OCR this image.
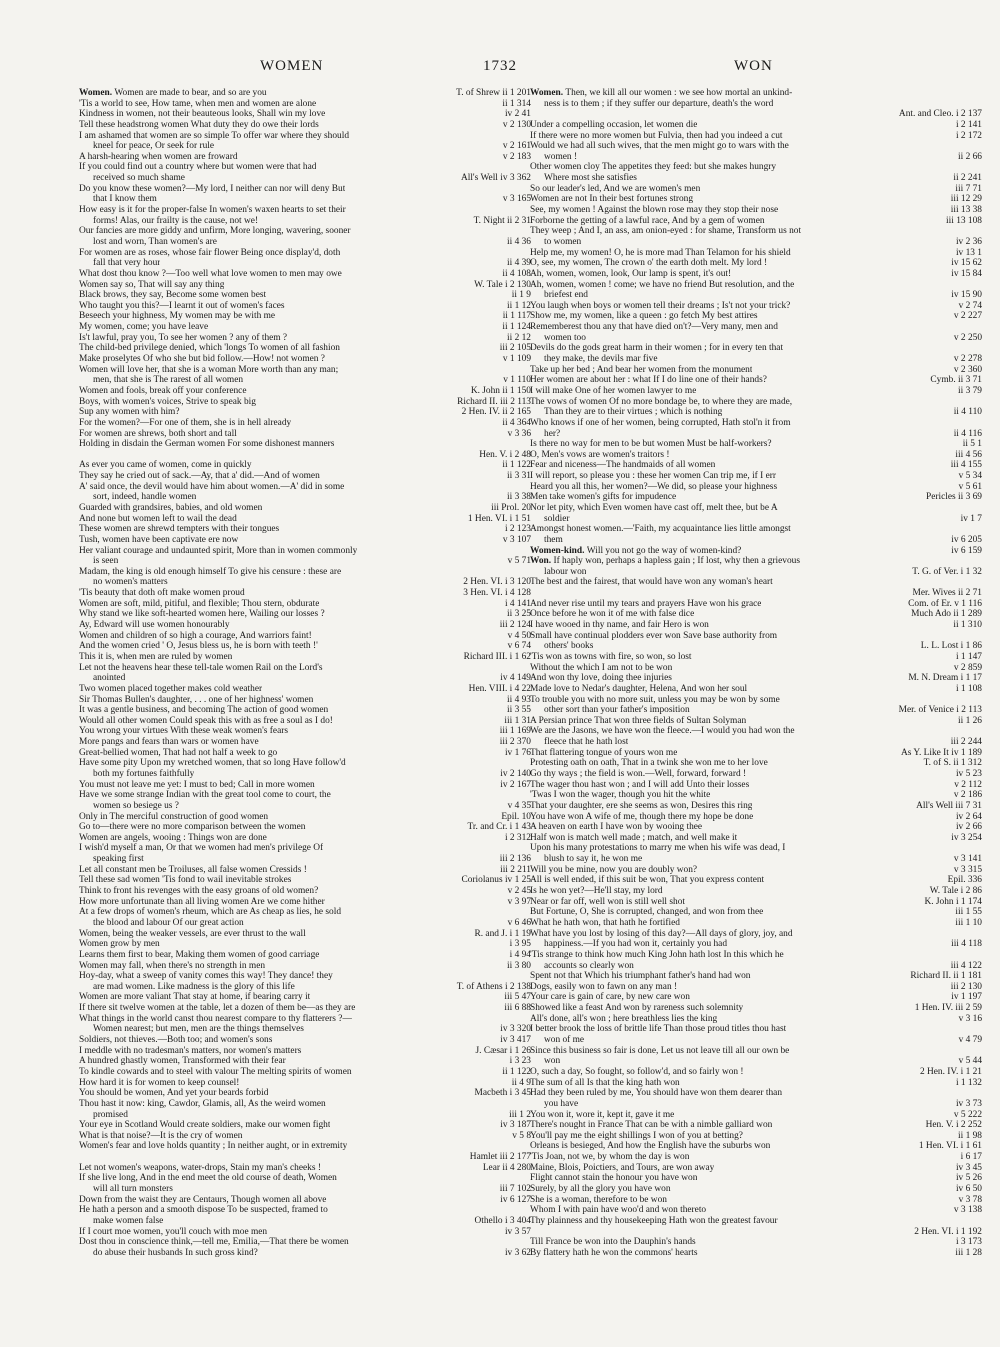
WOMEN	1732	WON
Women. Women are made to bear, and so are you	T. of Shrew ii 1 201
'Tis a world to see, How tame, when men and women are alone	ii 1 314
Kindness in women, not their beauteous looks, Shall win my love	iv 2 41
Tell these headstrong women What duty they do owe their lords	v 2 130
I am ashamed that women are so simple To offer war where they should
kneel for peace, Or seek for rule	v 2 161
A harsh-hearing when women are froward	v 2 183
If you could find out a country where but women were that had
received so much shame	All's Well iv 3 362
Do you know these women?—My lord, I neither can nor will deny But
that I know them	v 3 165
How easy is it for the proper-false In women's waxen hearts to set their
forms! Alas, our frailty is the cause, not we!	T. Night ii 2 31
Our fancies are more giddy and unfirm, More longing, wavering, sooner
lost and worn, Than women's are	ii 4 36
For women are as roses, whose fair flower Being once display'd, doth
fall that very hour	ii 4 39
What dost thou know ?—Too well what love women to men may owe	ii 4 108
Women say so, That will say any thing	W. Tale i 2 130
Black brows, they say, Become some women best	ii 1 9
Who taught you this?—I learnt it out of women's faces	ii 1 12
Beseech your highness, My women may be with me	ii 1 117
My women, come; you have leave	ii 1 124
Is't lawful, pray you, To see her women ? any of them ?	ii 2 12
The child-bed privilege denied, which 'longs To women of all fashion	iii 2 105
Make proselytes Of who she but bid follow.—How! not women ?	v 1 109
Women will love her, that she is a woman More worth than any man;
men, that she is The rarest of all women	v 1 110
Women and fools, break off your conference	K. John ii 1 150
Boys, with women's voices, Strive to speak big	Richard II. iii 2 113
Sup any women with him?	2 Hen. IV. ii 2 165
For the women?—For one of them, she is in hell already	ii 4 364
For women are shrews, both short and tall	v 3 36
Holding in disdain the German women For some dishonest manners
Hen. V. i 2 48
As ever you came of women, come in quickly	ii 1 122
They say he cried out of sack.—Ay, that a' did.—And of women	ii 3 31
A' said once, the devil would have him about women.—A' did in some
sort, indeed, handle women	ii 3 38
Guarded with grandsires, babies, and old women	iii Prol. 20
And none but women left to wail the dead	1 Hen. VI. i 1 51
These women are shrewd tempters with their tongues	i 2 123
Tush, women have been captivate ere now	v 3 107
Her valiant courage and undaunted spirit, More than in women commonly
is seen	v 5 71
Madam, the king is old enough himself To give his censure : these are
no women's matters	2 Hen. VI. i 3 120
'Tis beauty that doth oft make women proud	3 Hen. VI. i 4 128
Women are soft, mild, pitiful, and flexible; Thou stern, obdurate	i 4 141
Why stand we like soft-hearted women here, Wailing our losses ?	ii 3 25
Ay, Edward will use women honourably	iii 2 124
Women and children of so high a courage, And warriors faint!	v 4 50
And the women cried ' O, Jesus bless us, he is born with teeth !'	v 6 74
This it is, when men are ruled by women	Richard III. i 1 62
Let not the heavens hear these tell-tale women Rail on the Lord's
anointed	iv 4 149
Two women placed together makes cold weather	Hen. VIII. i 4 22
Sir Thomas Bullen's daughter, . . . one of her highness' women	ii 4 93
It was a gentle business, and becoming The action of good women	ii 3 55
Would all other women Could speak this with as free a soul as I do!	iii 1 31
You wrong your virtues With these weak women's fears	iii 1 169
More pangs and fears than wars or women have	iii 2 370
Great-bellied women, That had not half a week to go	iv 1 76
Have some pity Upon my wretched women, that so long Have follow'd
both my fortunes faithfully	iv 2 140
You must not leave me yet: I must to bed; Call in more women	iv 2 167
Have we some strange Indian with the great tool come to court, the
women so besiege us ?	v 4 35
Only in The merciful construction of good women	Epil. 10
Go to—there were no more comparison between the women	Tr. and Cr. i 1 43
Women are angels, wooing : Things won are done	i 2 312
I wish'd myself a man, Or that we women had men's privilege Of
speaking first	iii 2 136
Let all constant men be Troiluses, all false women Cressids !	iii 2 211
Tell these sad women 'Tis fond to wail inevitable strokes	Coriolanus iv 1 25
Think to front his revenges with the easy groans of old women?	v 2 45
How more unfortunate than all living women Are we come hither	v 3 97
At a few drops of women's rheum, which are As cheap as lies, he sold
the blood and labour Of our great action	v 6 46
Women, being the weaker vessels, are ever thrust to the wall	R. and J. i 1 19
Women grow by men	i 3 95
Learns them first to bear, Making them women of good carriage	i 4 94
Women may fall, when there's no strength in men	ii 3 80
Hoy-day, what a sweep of vanity comes this way! They dance! they
are mad women. Like madness is the glory of this life	T. of Athens i 2 138
Women are more valiant That stay at home, if bearing carry it	iii 5 47
If there sit twelve women at the table, let a dozen of them be—as they are	iii 6 88
What things in the world canst thou nearest compare to thy flatterers ?—
Women nearest; but men, men are the things themselves	iv 3 320
Soldiers, not thieves.—Both too; and women's sons	iv 3 417
I meddle with no tradesman's matters, nor women's matters	J. Cæsar i 1 26
A hundred ghastly women, Transformed with their fear	i 3 23
To kindle cowards and to steel with valour The melting spirits of women	ii 1 122
How hard it is for women to keep counsel!	ii 4 9
You should be women, And yet your beards forbid	Macbeth i 3 45
Thou hast it now: king, Cawdor, Glamis, all, As the weird women
promised	iii 1 2
Your eye in Scotland Would create soldiers, make our women fight	iv 3 187
What is that noise?—It is the cry of women	v 5 8
Women's fear and love holds quantity ; In neither aught, or in extremity
Hamlet iii 2 177
Let not women's weapons, water-drops, Stain my man's cheeks !	Lear ii 4 280
If she live long, And in the end meet the old course of death, Women
will all turn monsters	iii 7 102
Down from the waist they are Centaurs, Though women all above	iv 6 127
He hath a person and a smooth dispose To be suspected, framed to
make women false	Othello i 3 404
If I court moe women, you'll couch with moe men	iv 3 57
Dost thou in conscience think,—tell me, Emilia,—That there be women
do abuse their husbands In such gross kind?	iv 3 62
Women. Then, we kill all our women : we see how mortal an unkind-
ness is to them ; if they suffer our departure, death's the word
Ant. and Cleo. i 2 137
Under a compelling occasion, let women die	i 2 141
If there were no more women but Fulvia, then had you indeed a cut	i 2 172
Would we had all such wives, that the men might go to wars with the
women !	ii 2 66
Other women cloy The appetites they feed: but she makes hungry
Where most she satisfies	ii 2 241
So our leader's led, And we are women's men	iii 7 71
Women are not In their best fortunes strong	iii 12 29
See, my women ! Against the blown rose may they stop their nose	iii 13 38
Forborne the getting of a lawful race, And by a gem of women	iii 13 108
They weep ; And I, an ass, am onion-eyed : for shame, Transform us not
to women	iv 2 36
Help me, my women! O, he is more mad Than Telamon for his shield	iv 13 1
O, see, my women, The crown o' the earth doth melt. My lord !	iv 15 62
Ah, women, women, look, Our lamp is spent, it's out!	iv 15 84
Ah, women, women ! come; we have no friend But resolution, and the
briefest end	iv 15 90
You laugh when boys or women tell their dreams ; Is't not your trick?	v 2 74
Show me, my women, like a queen : go fetch My best attires	v 2 227
Rememberest thou any that have died on't?—Very many, men and
women too	v 2 250
Devils do the gods great harm in their women ; for in every ten that
they make, the devils mar five	v 2 278
Take up her bed ; And bear her women from the monument	v 2 360
Her women are about her : what If I do line one of their hands?	Cymb. ii 3 71
I will make One of her women lawyer to me	ii 3 79
The vows of women Of no more bondage be, to where they are made,
Than they are to their virtues ; which is nothing	ii 4 110
Who knows if one of her women, being corrupted, Hath stol'n it from
her?	ii 4 116
Is there no way for men to be but women Must be half-workers?	ii 5 1
O, Men's vows are women's traitors !	iii 4 56
Fear and niceness—The handmaids of all women	iii 4 155
I will report, so please you : these her women Can trip me, if I err	v 5 34
Heard you all this, her women?—We did, so please your highness	v 5 61
Men take women's gifts for impudence	Pericles ii 3 69
Nor let pity, which Even women have cast off, melt thee, but be A
soldier	iv 1 7
Amongst honest women.—'Faith, my acquaintance lies little amongst
them	iv 6 205
Women-kind. Will you not go the way of women-kind?	iv 6 159
Won. If haply won, perhaps a hapless gain ; If lost, why then a grievous
labour won	T. G. of Ver. i 1 32
The best and the fairest, that would have won any woman's heart
Mer. Wives ii 2 71
And never rise until my tears and prayers Have won his grace	Com. of Er. v 1 116
Once before he won it of me with false dice	Much Ado ii 1 289
I have wooed in thy name, and fair Hero is won	ii 1 310
Small have continual plodders ever won Save base authority from
others' books	L. L. Lost i 1 86
'Tis won as towns with fire, so won, so lost	i 1 147
Without the which I am not to be won	v 2 859
And won thy love, doing thee injuries	M. N. Dream i 1 17
Made love to Nedar's daughter, Helena, And won her soul	i 1 108
To trouble you with no more suit, unless you may be won by some
other sort than your father's imposition	Mer. of Venice i 2 113
A Persian prince That won three fields of Sultan Solyman	ii 1 26
We are the Jasons, we have won the fleece.—I would you had won the
fleece that he hath lost	iii 2 244
That flattering tongue of yours won me	As Y. Like It iv 1 189
Protesting oath on oath, That in a twink she won me to her love	T. of S. ii 1 312
Go thy ways ; the field is won.—Well, forward, forward !	iv 5 23
The wager thou hast won ; and I will add Unto their losses	v 2 112
'Twas I won the wager, though you hit the white	v 2 186
That your daughter, ere she seems as won, Desires this ring	All's Well iii 7 31
You have won A wife of me, though there my hope be done	iv 2 64
A heaven on earth I have won by wooing thee	iv 2 66
Half won is match well made ; match, and well make it	iv 3 254
Upon his many protestations to marry me when his wife was dead, I
blush to say it, he won me	v 3 141
Will you be mine, now you are doubly won?	v 3 315
All is well ended, if this suit be won, That you express content	Epil. 336
Is he won yet?—He'll stay, my lord	W. Tale i 2 86
Near or far off, well won is still well shot	K. John i 1 174
But Fortune, O, She is corrupted, changed, and won from thee	iii 1 55
What he hath won, that hath he fortified	iii 1 10
What have you lost by losing of this day?—All days of glory, joy, and
happiness.—If you had won it, certainly you had	iii 4 118
'Tis strange to think how much King John hath lost In this which he
accounts so clearly won	iii 4 122
Spent not that Which his triumphant father's hand had won	Richard II. ii 1 181
Dogs, easily won to fawn on any man !	iii 2 130
Your care is gain of care, by new care won	iv 1 197
Showed like a feast And won by rareness such solemnity	1 Hen. IV. iii 2 59
All's done, all's won ; here breathless lies the king	v 3 16
I better brook the loss of brittle life Than those proud titles thou hast
won of me	v 4 79
Since this business so fair is done, Let us not leave till all our own be
won	v 5 44
O, such a day, So fought, so follow'd, and so fairly won !	2 Hen. IV. i 1 21
The sum of all Is that the king hath won	i 1 132
Had they been ruled by me, You should have won them dearer than
you have	iv 3 73
You won it, wore it, kept it, gave it me	v 5 222
There's nought in France That can be with a nimble galliard won	Hen. V. i 2 252
You'll pay me the eight shillings I won of you at betting?	ii 1 98
Orleans is besieged, And how the English have the suburbs won	1 Hen. VI. i 1 61
'Tis Joan, not we, by whom the day is won	i 6 17
Maine, Blois, Poictiers, and Tours, are won away	iv 3 45
Flight cannot stain the honour you have won	iv 5 26
Surely, by all the glory you have won	iv 6 50
She is a woman, therefore to be won	v 3 78
Whom I with pain have woo'd and won thereto	v 3 138
Thy plainness and thy housekeeping Hath won the greatest favour
2 Hen. VI. i 1 192
Till France be won into the Dauphin's hands	i 3 173
By flattery hath he won the commons' hearts	iii 1 28
